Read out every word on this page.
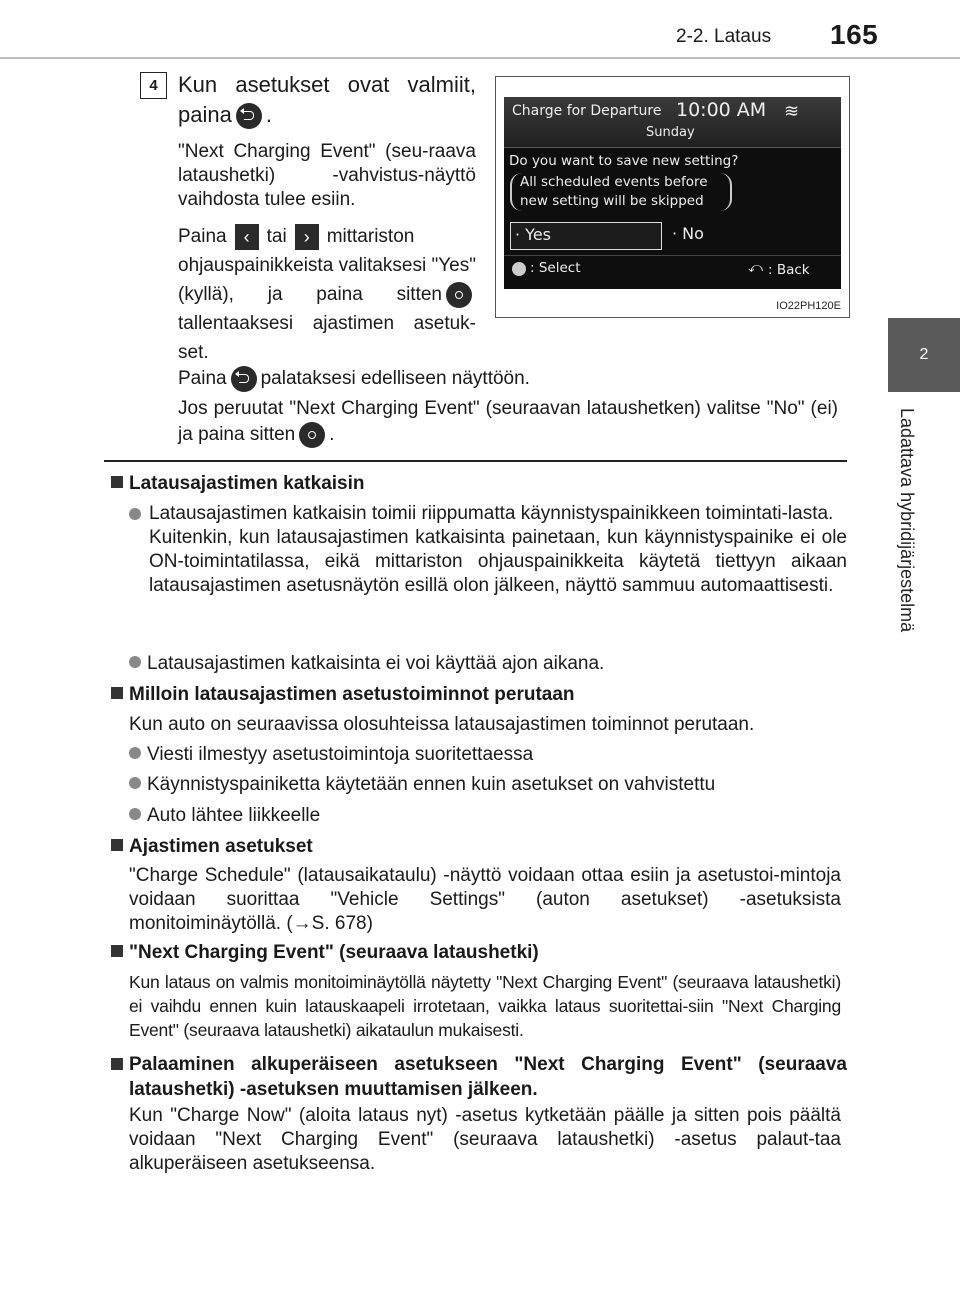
2-2. Lataus 165
2
Ladattava hybridijärjestelmä
4 Kun asetukset ovat valmiit,
paina .
"Next Charging Event" (seu-raava lataushetki) -vahvistus-näyttö vaihdosta tulee esiin.
Paina ‹ tai › mittariston ohjauspainikkeista valitaksesi "Yes" (kyllä), ja paina sitten
tallentaaksesi ajastimen asetuk-set.
Paina palataksesi edelliseen näyttöön.
Jos peruutat "Next Charging Event" (seuraavan lataushetken) valitse "No" (ei) ja paina sitten .
Charge for Departure 10:00 AM ≋
Sunday
Do you want to save new setting?
All scheduled events before
new setting will be skipped
· Yes	· No
: Select	⤺ : Back
IO22PH120E
Latausajastimen katkaisin
Latausajastimen katkaisin toimii riippumatta käynnistyspainikkeen toimintati-lasta.
Kuitenkin, kun latausajastimen katkaisinta painetaan, kun käynnistyspainike ei ole ON-toimintatilassa, eikä mittariston ohjauspainikkeita käytetä tiettyyn aikaan latausajastimen asetusnäytön esillä olon jälkeen, näyttö sammuu automaattisesti.
Latausajastimen katkaisinta ei voi käyttää ajon aikana.
Milloin latausajastimen asetustoiminnot perutaan
Kun auto on seuraavissa olosuhteissa latausajastimen toiminnot perutaan.
Viesti ilmestyy asetustoimintoja suoritettaessa
Käynnistyspainiketta käytetään ennen kuin asetukset on vahvistettu
Auto lähtee liikkeelle
Ajastimen asetukset
"Charge Schedule" (latausaikataulu) -näyttö voidaan ottaa esiin ja asetustoi-mintoja voidaan suorittaa "Vehicle Settings" (auton asetukset) -asetuksista monitoiminäytöllä. (→S. 678)
"Next Charging Event" (seuraava lataushetki)
Kun lataus on valmis monitoiminäytöllä näytetty "Next Charging Event" (seuraava lataushetki) ei vaihdu ennen kuin latauskaapeli irrotetaan, vaikka lataus suoritettai-siin "Next Charging Event" (seuraava lataushetki) aikataulun mukaisesti.
Palaaminen alkuperäiseen asetukseen "Next Charging Event" (seuraava lataushetki) -asetuksen muuttamisen jälkeen.
Kun "Charge Now" (aloita lataus nyt) -asetus kytketään päälle ja sitten pois päältä voidaan "Next Charging Event" (seuraava lataushetki) -asetus palaut-taa alkuperäiseen asetukseensa.
